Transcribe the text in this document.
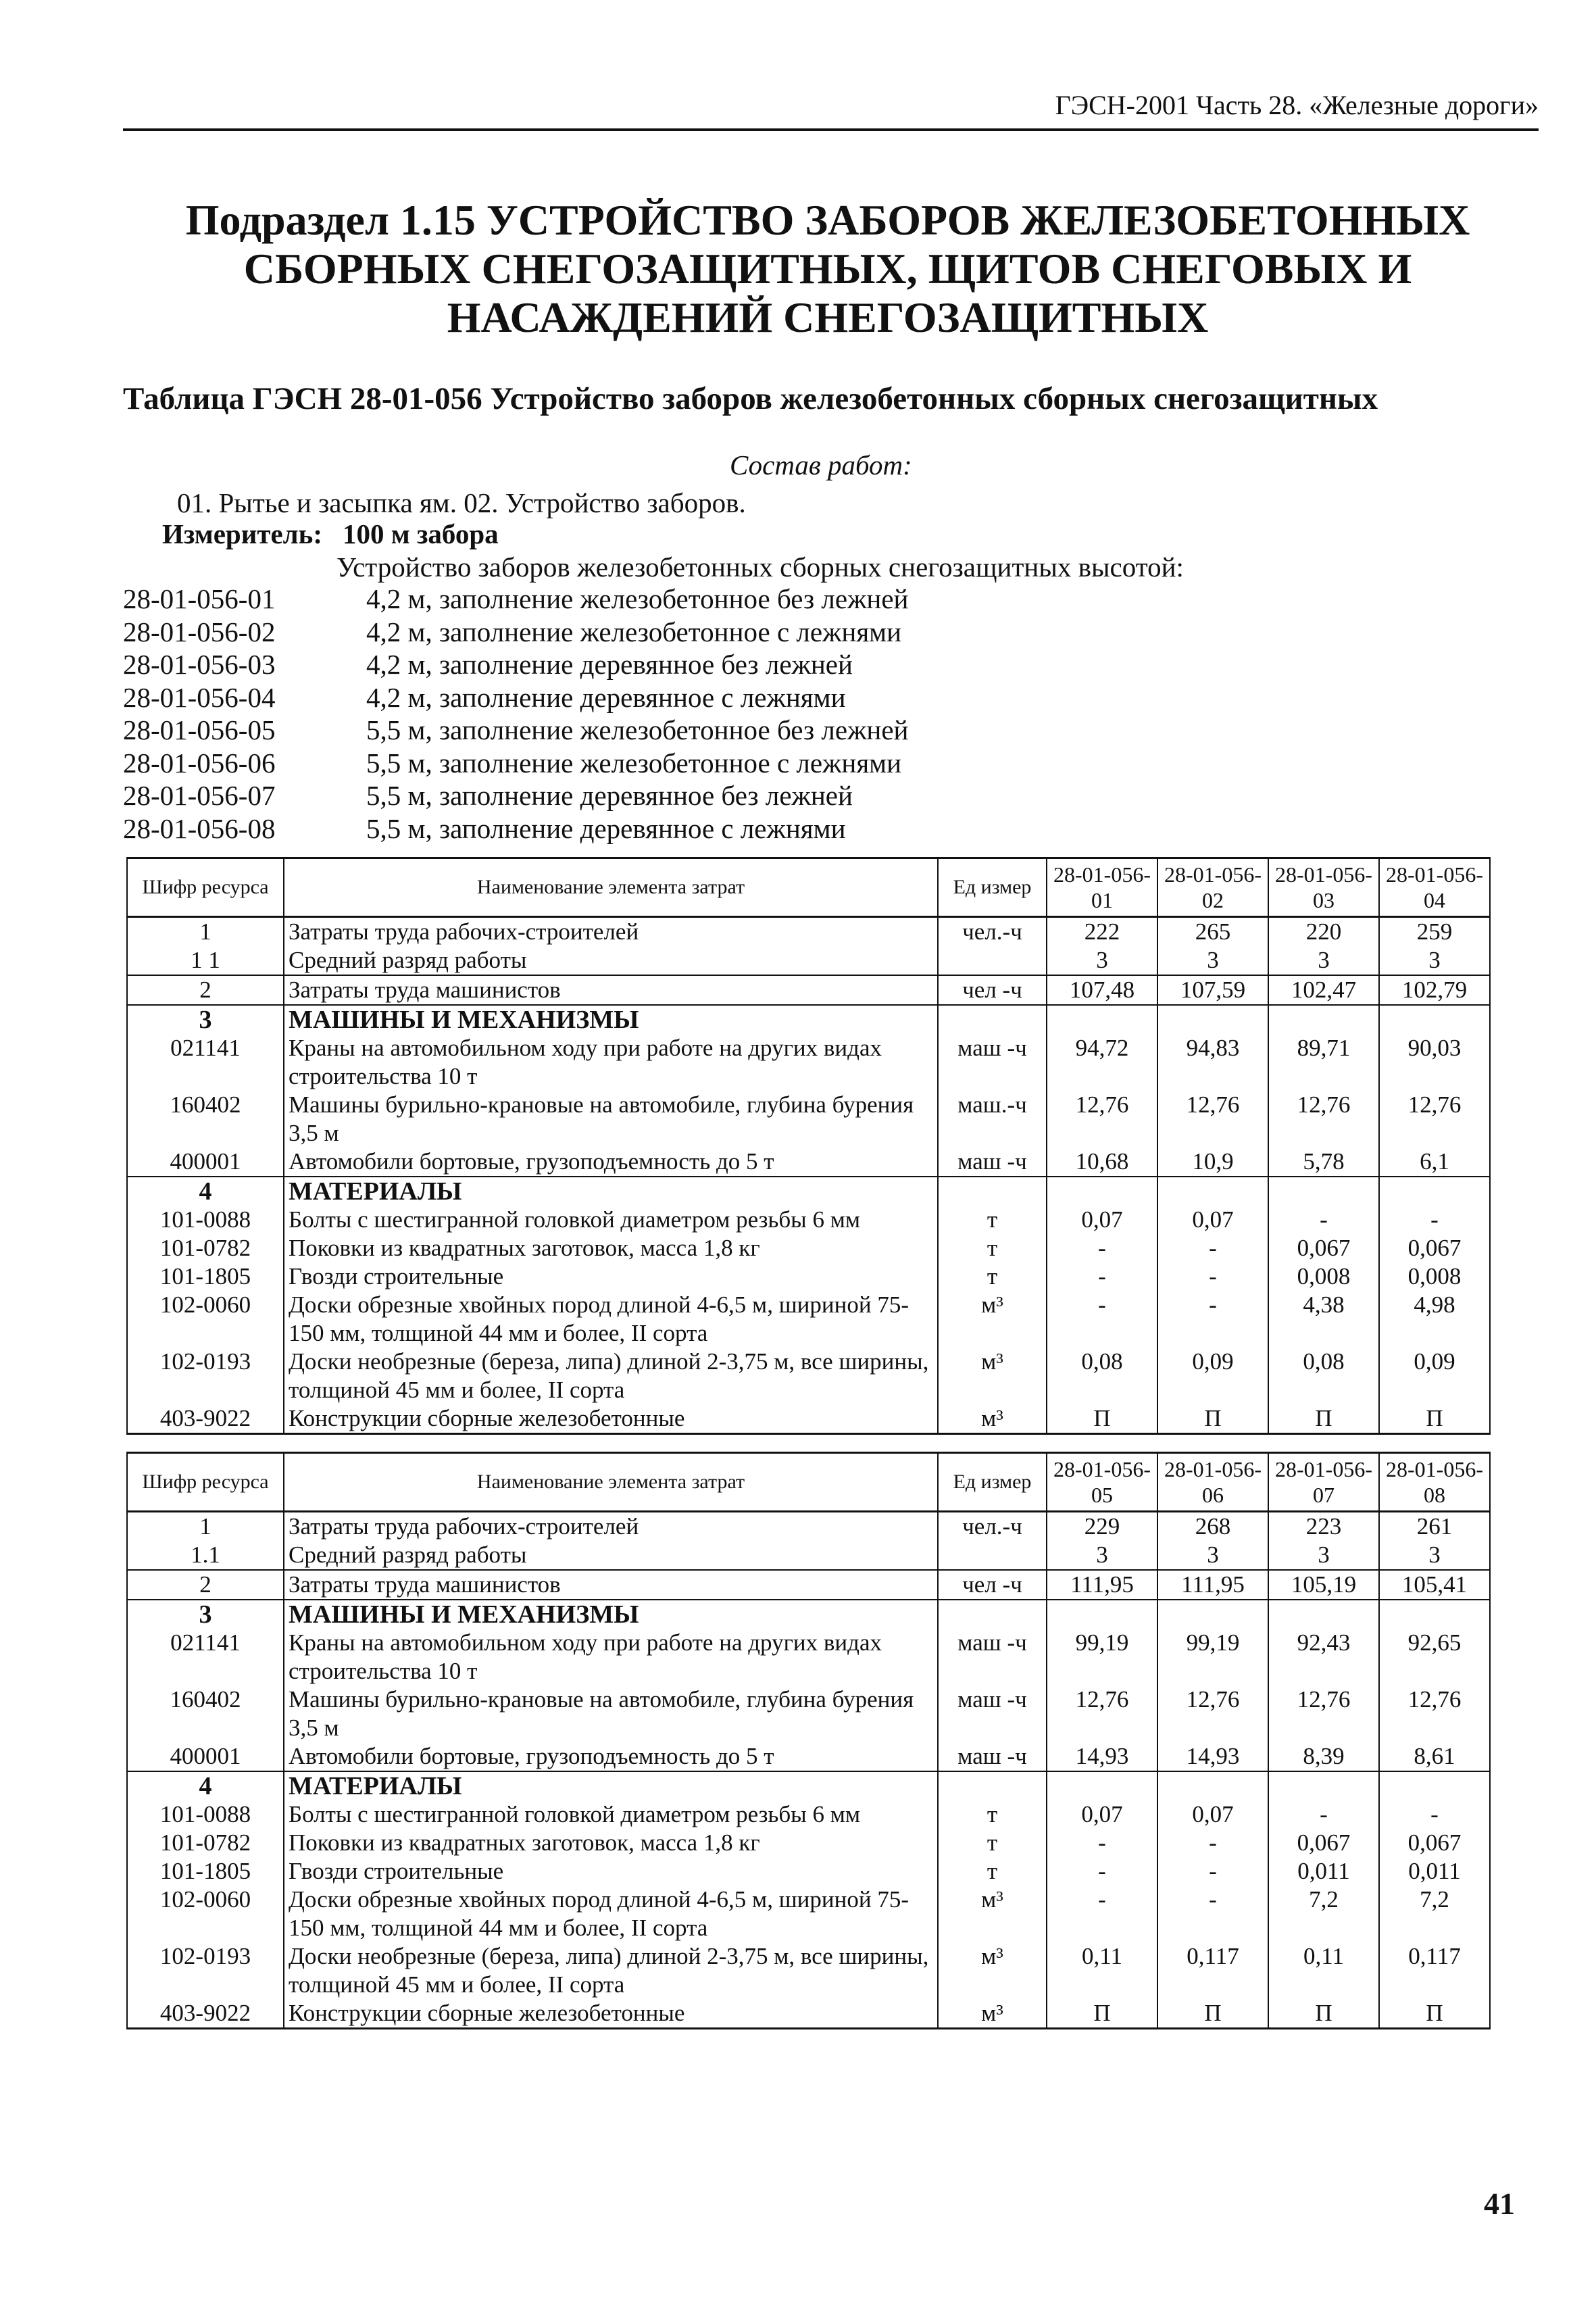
ГЭСН-2001 Часть 28. «Железные дороги»
Подраздел 1.15 УСТРОЙСТВО ЗАБОРОВ ЖЕЛЕЗОБЕТОННЫХ СБОРНЫХ СНЕГОЗАЩИТНЫХ, ЩИТОВ СНЕГОВЫХ И НАСАЖДЕНИЙ СНЕГОЗАЩИТНЫХ
Таблица ГЭСН 28-01-056 Устройство заборов железобетонных сборных снегозащитных
Состав работ:
01. Рытье и засыпка ям. 02. Устройство заборов.
Измеритель: 100 м забора
Устройство заборов железобетонных сборных снегозащитных высотой:
28-01-056-01	4,2 м, заполнение железобетонное без лежней
28-01-056-02	4,2 м, заполнение железобетонное с лежнями
28-01-056-03	4,2 м, заполнение деревянное без лежней
28-01-056-04	4,2 м, заполнение деревянное с лежнями
28-01-056-05	5,5 м, заполнение железобетонное без лежней
28-01-056-06	5,5 м, заполнение железобетонное с лежнями
28-01-056-07	5,5 м, заполнение деревянное без лежней
28-01-056-08	5,5 м, заполнение деревянное с лежнями
Шифр ресурса	Наименование элемента затрат	Ед измер	28-01-056-01	28-01-056-02	28-01-056-03	28-01-056-04
1	Затраты труда рабочих-строителей	чел.-ч	222	265	220	259
1 1	Средний разряд работы		3	3	3	3
2	Затраты труда машинистов	чел -ч	107,48	107,59	102,47	102,79
3	МАШИНЫ И МЕХАНИЗМЫ					
021141	Краны на автомобильном ходу при работе на других видах строительства 10 т	маш -ч	94,72	94,83	89,71	90,03
160402	Машины бурильно-крановые на автомобиле, глубина бурения 3,5 м	маш.-ч	12,76	12,76	12,76	12,76
400001	Автомобили бортовые, грузоподъемность до 5 т	маш -ч	10,68	10,9	5,78	6,1
4	МАТЕРИАЛЫ					
101-0088	Болты с шестигранной головкой диаметром резьбы 6 мм	т	0,07	0,07	-	-
101-0782	Поковки из квадратных заготовок, масса 1,8 кг	т	-	-	0,067	0,067
101-1805	Гвозди строительные	т	-	-	0,008	0,008
102-0060	Доски обрезные хвойных пород длиной 4-6,5 м, шириной 75-150 мм, толщиной 44 мм и более, II сорта	м³	-	-	4,38	4,98
102-0193	Доски необрезные (береза, липа) длиной 2-3,75 м, все ширины, толщиной 45 мм и более, II сорта	м³	0,08	0,09	0,08	0,09
403-9022	Конструкции сборные железобетонные	м³	П	П	П	П
Шифр ресурса	Наименование элемента затрат	Ед измер	28-01-056-05	28-01-056-06	28-01-056-07	28-01-056-08
1	Затраты труда рабочих-строителей	чел.-ч	229	268	223	261
1.1	Средний разряд работы		3	3	3	3
2	Затраты труда машинистов	чел -ч	111,95	111,95	105,19	105,41
3	МАШИНЫ И МЕХАНИЗМЫ					
021141	Краны на автомобильном ходу при работе на других видах строительства 10 т	маш -ч	99,19	99,19	92,43	92,65
160402	Машины бурильно-крановые на автомобиле, глубина бурения 3,5 м	маш -ч	12,76	12,76	12,76	12,76
400001	Автомобили бортовые, грузоподъемность до 5 т	маш -ч	14,93	14,93	8,39	8,61
4	МАТЕРИАЛЫ					
101-0088	Болты с шестигранной головкой диаметром резьбы 6 мм	т	0,07	0,07	-	-
101-0782	Поковки из квадратных заготовок, масса 1,8 кг	т	-	-	0,067	0,067
101-1805	Гвозди строительные	т	-	-	0,011	0,011
102-0060	Доски обрезные хвойных пород длиной 4-6,5 м, шириной 75-150 мм, толщиной 44 мм и более, II сорта	м³	-	-	7,2	7,2
102-0193	Доски необрезные (береза, липа) длиной 2-3,75 м, все ширины, толщиной 45 мм и более, II сорта	м³	0,11	0,117	0,11	0,117
403-9022	Конструкции сборные железобетонные	м³	П	П	П	П
41
